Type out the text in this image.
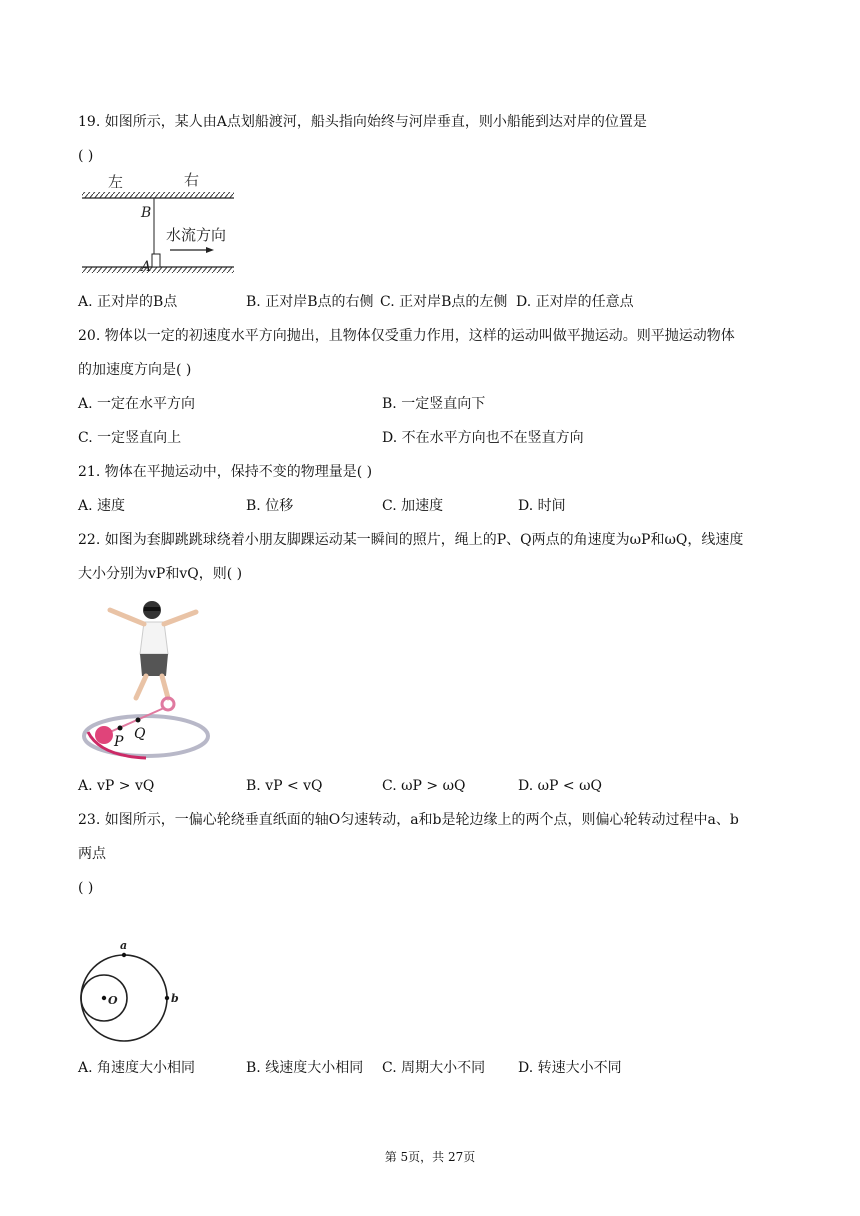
19. 如图所示，某人由A点划船渡河，船头指向始终与河岸垂直，则小船能到达对岸的位置是
( )
左	右
B
A
水流方向
A. 正对岸的B点	B. 正对岸B点的右侧 C. 正对岸B点的左侧 D. 正对岸的任意点
20. 物体以一定的初速度水平方向抛出，且物体仅受重力作用，这样的运动叫做平抛运动。则平抛运动物体
的加速度方向是( )
A. 一定在水平方向	B. 一定竖直向下
C. 一定竖直向上	D. 不在水平方向也不在竖直方向
21. 物体在平抛运动中，保持不变的物理量是( )
A. 速度	B. 位移	C. 加速度	D. 时间
22. 如图为套脚跳跳球绕着小朋友脚踝运动某一瞬间的照片，绳上的P、Q两点的角速度为ωP和ωQ，线速度
大小分别为vP和vQ，则( )
Q
P
A. vP > vQ	B. vP < vQ	C. ωP > ωQ	D. ωP < ωQ
23. 如图所示，一偏心轮绕垂直纸面的轴O匀速转动，a和b是轮边缘上的两个点，则偏心轮转动过程中a、b
两点
( )
a
b
O
A. 角速度大小相同	B. 线速度大小相同 C. 周期大小不同 D. 转速大小不同
第 5页，共 27页
